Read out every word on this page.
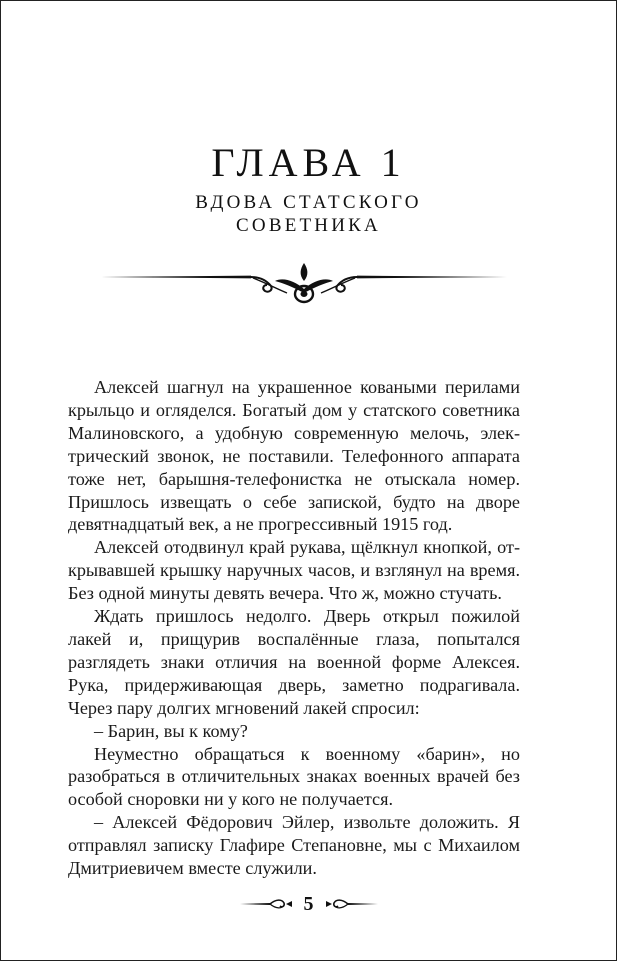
ГЛАВА 1
ВДОВА СТАТСКОГО
СОВЕТНИКА

Алексей шагнул на украшенное коваными перилами крыльцо и огляделся. Богатый дом у статского советника Малиновского, а удобную современную мелочь, электрический звонок, не поставили. Телефонного аппарата тоже нет, барышня-телефонистка не отыскала номер. Пришлось извещать о себе запиской, будто на дворе девятнадцатый век, а не прогрессивный 1915 год.

Алексей отодвинул край рукава, щёлкнул кнопкой, открывавшей крышку наручных часов, и взглянул на время. Без одной минуты девять вечера. Что ж, можно стучать.

Ждать пришлось недолго. Дверь открыл пожилой лакей и, прищурив воспалённые глаза, попытался разглядеть знаки отличия на военной форме Алексея. Рука, придерживающая дверь, заметно подрагивала. Через пару долгих мгновений лакей спросил:

– Барин, вы к кому?

Неуместно обращаться к военному «барин», но разобраться в отличительных знаках военных врачей без особой сноровки ни у кого не получается.

– Алексей Фёдорович Эйлер, извольте доложить. Я отправлял записку Глафире Степановне, мы с Михаилом Дмитриевичем вместе служили.

5
